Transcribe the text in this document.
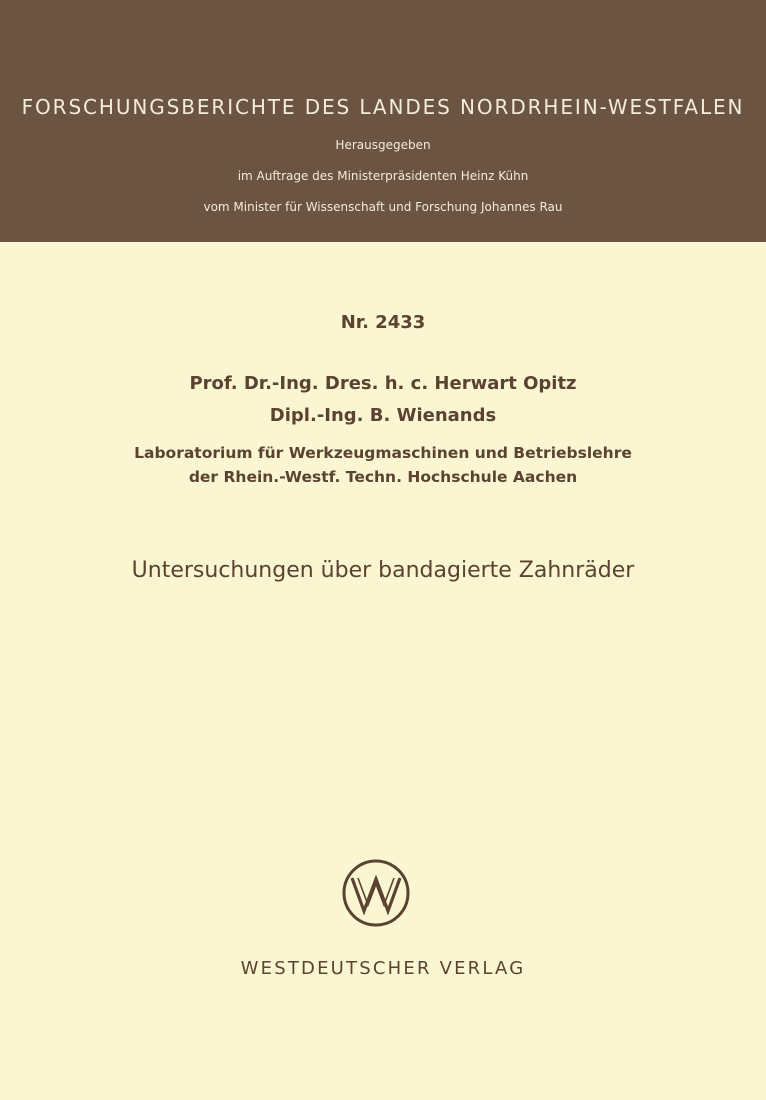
FORSCHUNGSBERICHTE DES LANDES NORDRHEIN-WESTFALEN
Herausgegeben
im Auftrage des Ministerpräsidenten Heinz Kühn
vom Minister für Wissenschaft und Forschung Johannes Rau
Nr. 2433
Prof. Dr.-Ing. Dres. h. c. Herwart Opitz
Dipl.-Ing. B. Wienands
Laboratorium für Werkzeugmaschinen und Betriebslehre
der Rhein.-Westf. Techn. Hochschule Aachen
Untersuchungen über bandagierte Zahnräder
WESTDEUTSCHER VERLAG
